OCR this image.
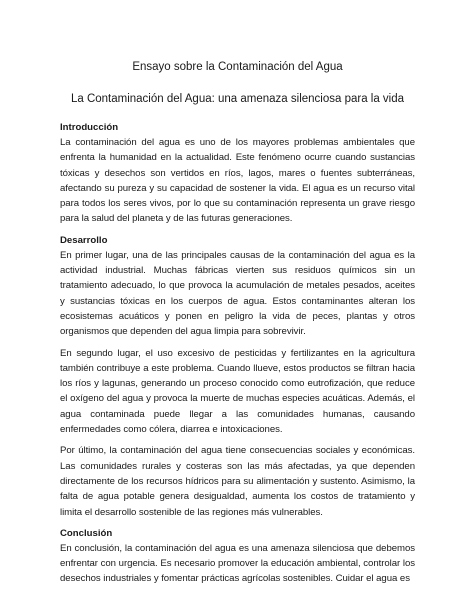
Ensayo sobre la Contaminación del Agua
La Contaminación del Agua: una amenaza silenciosa para la vida
Introducción

La contaminación del agua es uno de los mayores problemas ambientales que enfrenta la humanidad en la actualidad. Este fenómeno ocurre cuando sustancias tóxicas y desechos son vertidos en ríos, lagos, mares o fuentes subterráneas, afectando su pureza y su capacidad de sostener la vida. El agua es un recurso vital para todos los seres vivos, por lo que su contaminación representa un grave riesgo para la salud del planeta y de las futuras generaciones.

Desarrollo

En primer lugar, una de las principales causas de la contaminación del agua es la actividad industrial. Muchas fábricas vierten sus residuos químicos sin un tratamiento adecuado, lo que provoca la acumulación de metales pesados, aceites y sustancias tóxicas en los cuerpos de agua. Estos contaminantes alteran los ecosistemas acuáticos y ponen en peligro la vida de peces, plantas y otros organismos que dependen del agua limpia para sobrevivir.

En segundo lugar, el uso excesivo de pesticidas y fertilizantes en la agricultura también contribuye a este problema. Cuando llueve, estos productos se filtran hacia los ríos y lagunas, generando un proceso conocido como eutrofización, que reduce el oxígeno del agua y provoca la muerte de muchas especies acuáticas. Además, el agua contaminada puede llegar a las comunidades humanas, causando enfermedades como cólera, diarrea e intoxicaciones.

Por último, la contaminación del agua tiene consecuencias sociales y económicas. Las comunidades rurales y costeras son las más afectadas, ya que dependen directamente de los recursos hídricos para su alimentación y sustento. Asimismo, la falta de agua potable genera desigualdad, aumenta los costos de tratamiento y limita el desarrollo sostenible de las regiones más vulnerables.

Conclusión

En conclusión, la contaminación del agua es una amenaza silenciosa que debemos enfrentar con urgencia. Es necesario promover la educación ambiental, controlar los desechos industriales y fomentar prácticas agrícolas sostenibles. Cuidar el agua es
